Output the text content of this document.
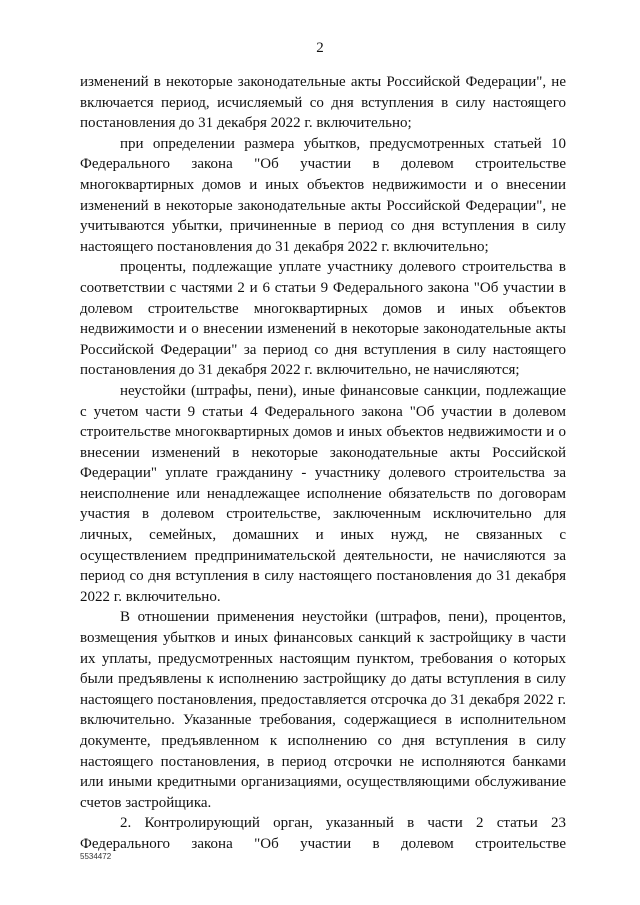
2

изменений в некоторые законодательные акты Российской Федерации", не включается период, исчисляемый со дня вступления в силу настоящего постановления до 31 декабря 2022 г. включительно;

при определении размера убытков, предусмотренных статьей 10 Федерального закона "Об участии в долевом строительстве многоквартирных домов и иных объектов недвижимости и о внесении изменений в некоторые законодательные акты Российской Федерации", не учитываются убытки, причиненные в период со дня вступления в силу настоящего постановления до 31 декабря 2022 г. включительно;

проценты, подлежащие уплате участнику долевого строительства в соответствии с частями 2 и 6 статьи 9 Федерального закона "Об участии в долевом строительстве многоквартирных домов и иных объектов недвижимости и о внесении изменений в некоторые законодательные акты Российской Федерации" за период со дня вступления в силу настоящего постановления до 31 декабря 2022 г. включительно, не начисляются;

неустойки (штрафы, пени), иные финансовые санкции, подлежащие с учетом части 9 статьи 4 Федерального закона "Об участии в долевом строительстве многоквартирных домов и иных объектов недвижимости и о внесении изменений в некоторые законодательные акты Российской Федерации" уплате гражданину - участнику долевого строительства за неисполнение или ненадлежащее исполнение обязательств по договорам участия в долевом строительстве, заключенным исключительно для личных, семейных, домашних и иных нужд, не связанных с осуществлением предпринимательской деятельности, не начисляются за период со дня вступления в силу настоящего постановления до 31 декабря 2022 г. включительно.

В отношении применения неустойки (штрафов, пени), процентов, возмещения убытков и иных финансовых санкций к застройщику в части их уплаты, предусмотренных настоящим пунктом, требования о которых были предъявлены к исполнению застройщику до даты вступления в силу настоящего постановления, предоставляется отсрочка до 31 декабря 2022 г. включительно. Указанные требования, содержащиеся в исполнительном документе, предъявленном к исполнению со дня вступления в силу настоящего постановления, в период отсрочки не исполняются банками или иными кредитными организациями, осуществляющими обслуживание счетов застройщика.

2. Контролирующий орган, указанный в части 2 статьи 23 Федерального закона "Об участии в долевом строительстве

5534472
